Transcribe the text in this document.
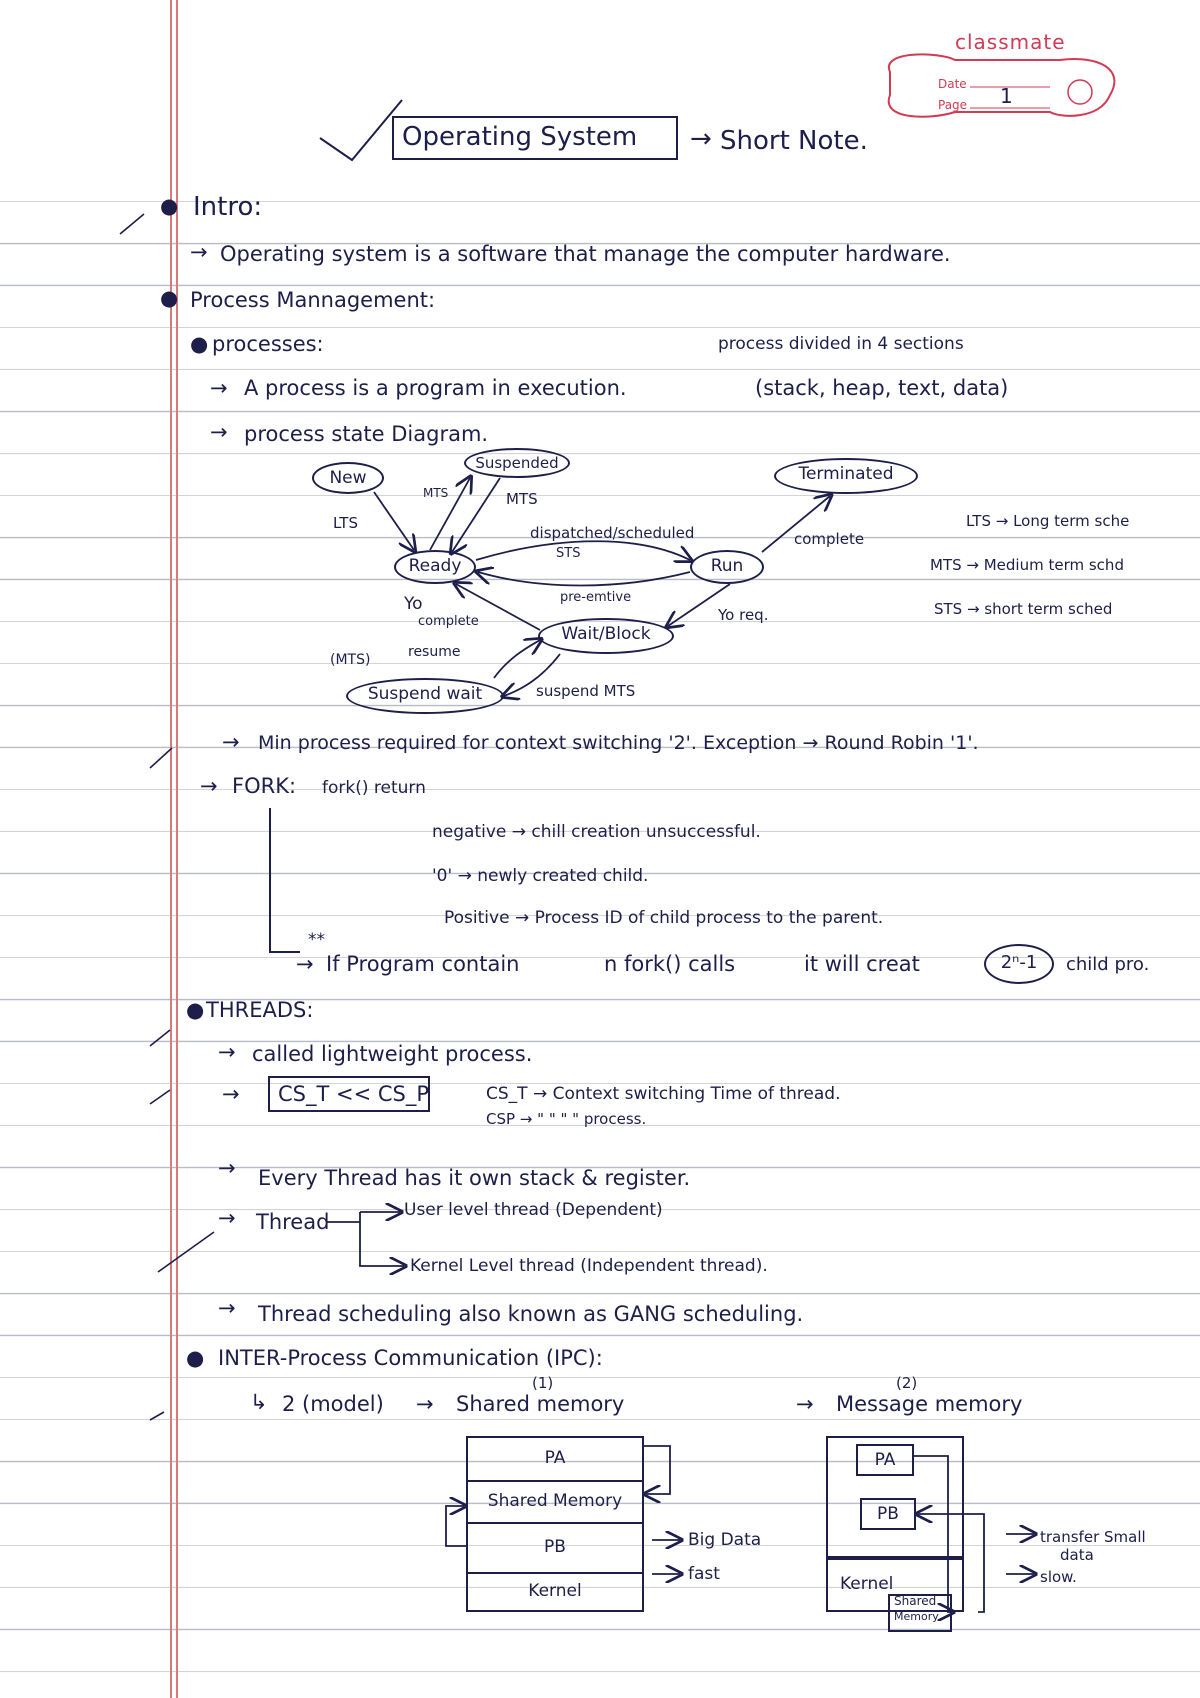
classmate
Date
Page 1
Operating System → Short Note.
● Intro:
→ Operating system is a software that manage the computer hardware.
● Process Mannagement:
● processes:	process divided in 4 sections
→ A process is a program in execution.	(stack, heap, text, data)
→ process state Diagram.
New
Suspended
Terminated
Ready	Run
Wait/Block
Suspend wait
LTS
MTS	MTS
dispatched/scheduled
STS
complete
pre-emtive
Yo
complete	Yo req.
(MTS)	resume
suspend MTS
LTS → Long term sche
MTS → Medium term schd
STS → short term sched
→ Min process required for context switching '2'. Exception → Round Robin '1'.
→ FORK: fork() return
negative → chill creation unsuccessful.
'0' → newly created child.
Positive → Process ID of child process to the parent.
**
→ If Program contain	n fork() calls	it will creat	2ⁿ-1	child pro.
● THREADS:
→ called lightweight process.
→ CS_T << CS_P	CS_T → Context switching Time of thread.
CSP → " " " " process.
→ Every Thread has it own stack & register.
→ Thread	User level thread (Dependent)
Kernel Level thread (Independent thread).
→ Thread scheduling also known as GANG scheduling.
● INTER-Process Communication (IPC):
↳ 2 (model) →
(1)
Shared memory
(2)
→ Message memory
PA
Shared Memory
PB
Kernel
Big Data
fast
PA
PB
Kernel
Shared
Memory
transfer Small
data
slow.
